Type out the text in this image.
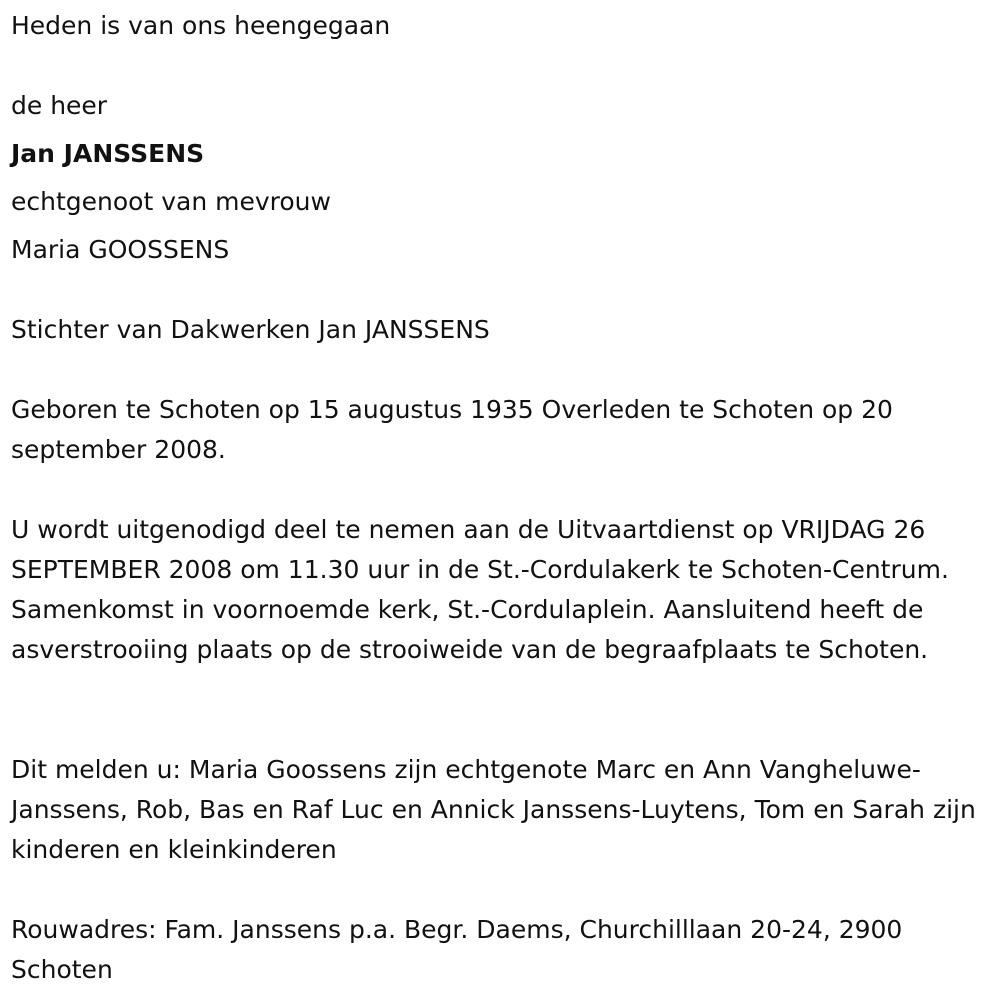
Heden is van ons heengegaan
de heer
Jan JANSSENS
echtgenoot van mevrouw
Maria GOOSSENS
Stichter van Dakwerken Jan JANSSENS
Geboren te Schoten op 15 augustus 1935 Overleden te Schoten op 20 september 2008.
U wordt uitgenodigd deel te nemen aan de Uitvaartdienst op VRIJDAG 26 SEPTEMBER 2008 om 11.30 uur in de St.-Cordulakerk te Schoten-Centrum. Samenkomst in voornoemde kerk, St.-Cordulaplein. Aansluitend heeft de asverstrooiing plaats op de strooiweide van de begraafplaats te Schoten.
Dit melden u: Maria Goossens zijn echtgenote Marc en Ann Vangheluwe-Janssens, Rob, Bas en Raf Luc en Annick Janssens-Luytens, Tom en Sarah zijn kinderen en kleinkinderen
Rouwadres: Fam. Janssens p.a. Begr. Daems, Churchilllaan 20-24, 2900 Schoten
